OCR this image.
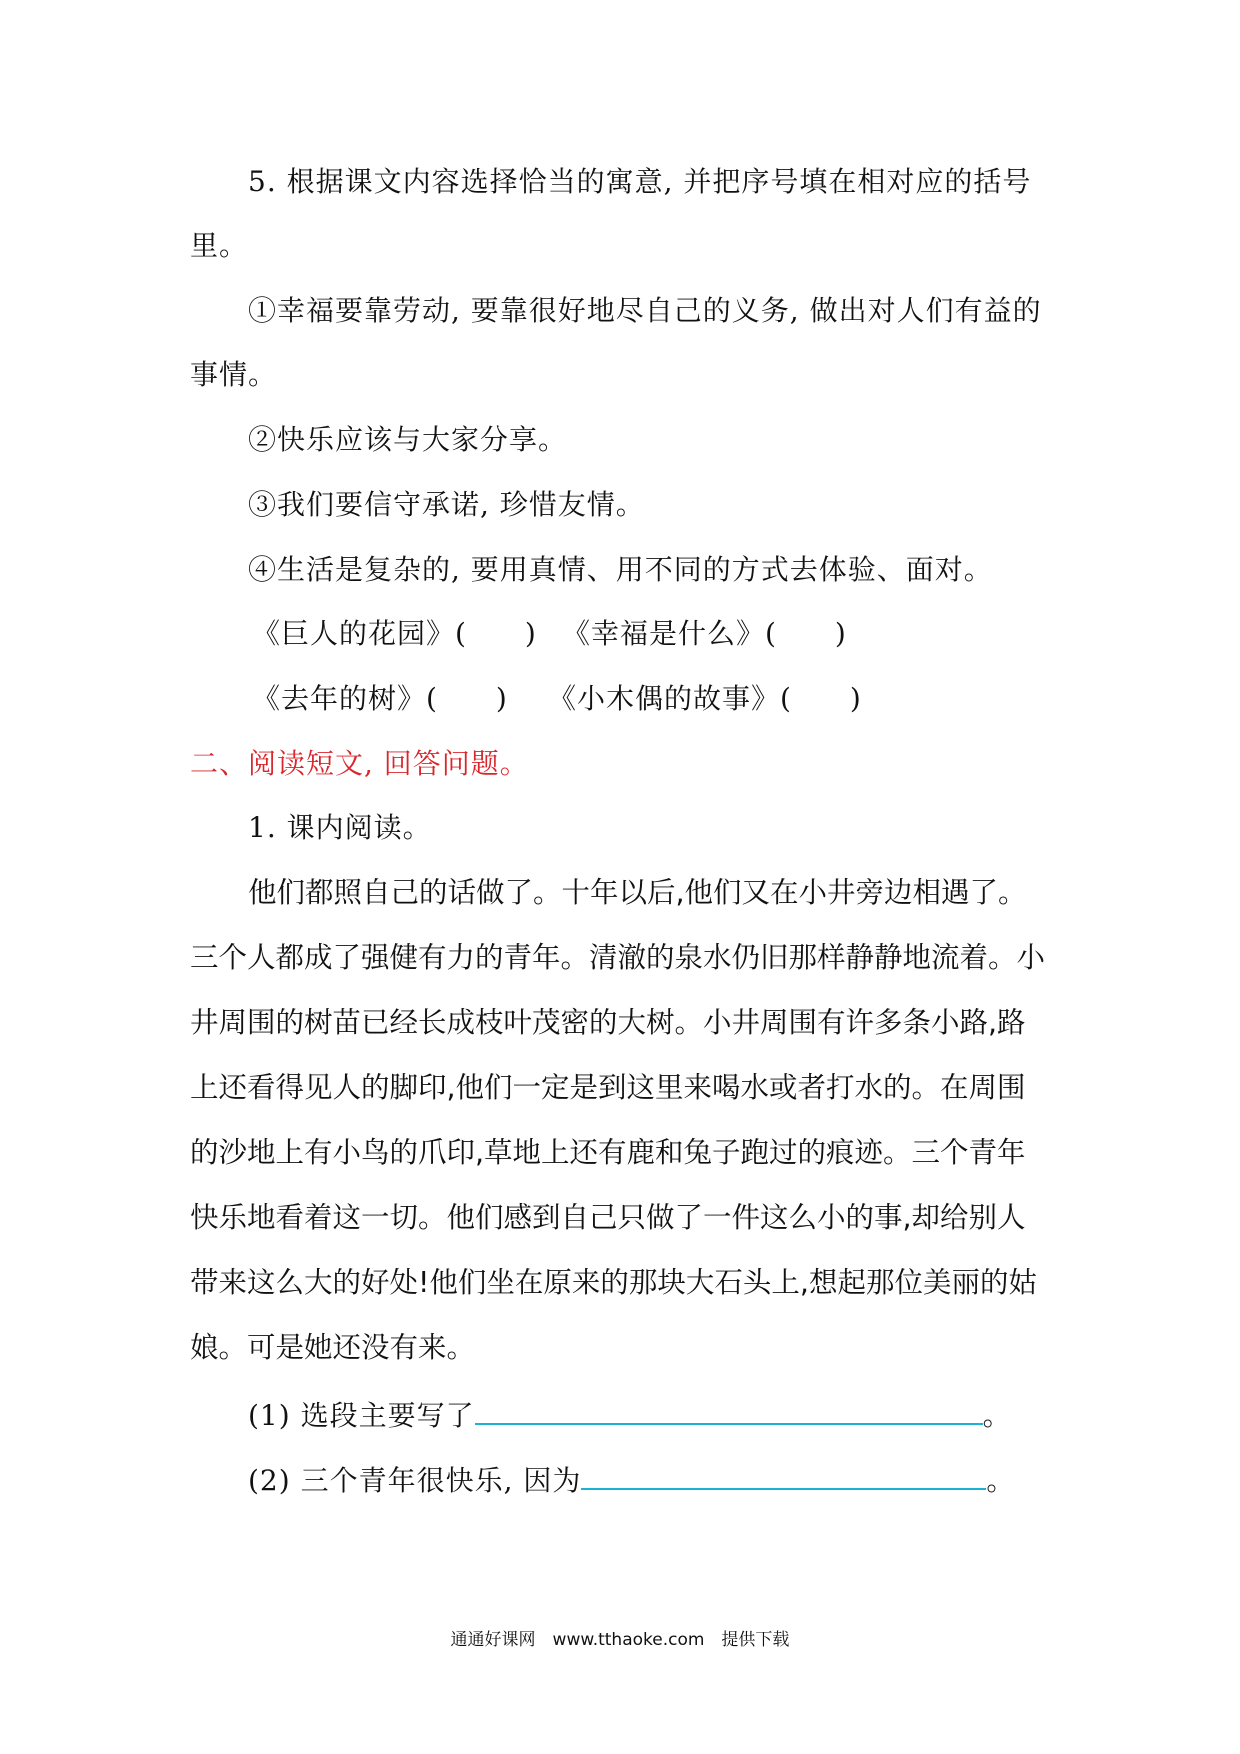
5. 根据课文内容选择恰当的寓意, 并把序号填在相对应的括号
里。
①幸福要靠劳动, 要靠很好地尽自己的义务, 做出对人们有益的
事情。
②快乐应该与大家分享。
③我们要信守承诺, 珍惜友情。
④生活是复杂的, 要用真情、用不同的方式去体验、面对。
《巨人的花园》(　　) 《幸福是什么》(　　)
《去年的树》(　　) 《小木偶的故事》(　　)
二、阅读短文, 回答问题。
1. 课内阅读。
他们都照自己的话做了。十年以后,他们又在小井旁边相遇了。
三个人都成了强健有力的青年。清澈的泉水仍旧那样静静地流着。小
井周围的树苗已经长成枝叶茂密的大树。小井周围有许多条小路,路
上还看得见人的脚印,他们一定是到这里来喝水或者打水的。在周围
的沙地上有小鸟的爪印,草地上还有鹿和兔子跑过的痕迹。三个青年
快乐地看着这一切。他们感到自己只做了一件这么小的事,却给别人
带来这么大的好处!他们坐在原来的那块大石头上,想起那位美丽的姑
娘。可是她还没有来。
(1) 选段主要写了	。
(2) 三个青年很快乐, 因为	。
通通好课网　www.tthaoke.com　提供下载
